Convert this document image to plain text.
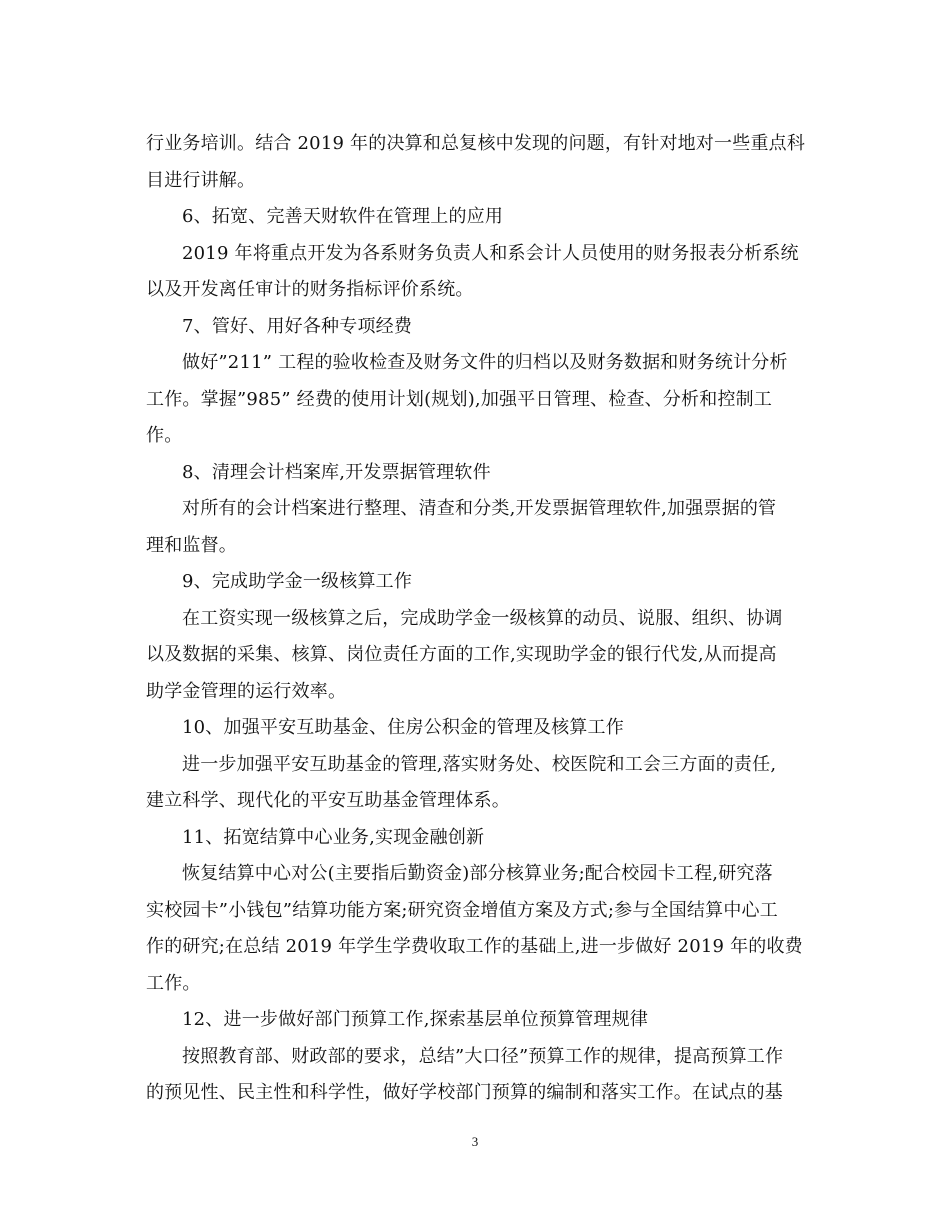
行业务培训。结合 2019 年的决算和总复核中发现的问题，有针对地对一些重点科
目进行讲解。
6、拓宽、完善天财软件在管理上的应用
2019 年将重点开发为各系财务负责人和系会计人员使用的财务报表分析系统
以及开发离任审计的财务指标评价系统。
7、管好、用好各种专项经费
做好”211” 工程的验收检查及财务文件的归档以及财务数据和财务统计分析
工作。掌握”985” 经费的使用计划(规划),加强平日管理、检查、分析和控制工
作。
8、清理会计档案库,开发票据管理软件
对所有的会计档案进行整理、清查和分类,开发票据管理软件,加强票据的管
理和监督。
9、完成助学金一级核算工作
在工资实现一级核算之后，完成助学金一级核算的动员、说服、组织、协调
以及数据的采集、核算、岗位责任方面的工作,实现助学金的银行代发,从而提高
助学金管理的运行效率。
10、加强平安互助基金、住房公积金的管理及核算工作
进一步加强平安互助基金的管理,落实财务处、校医院和工会三方面的责任,
建立科学、现代化的平安互助基金管理体系。
11、拓宽结算中心业务,实现金融创新
恢复结算中心对公(主要指后勤资金)部分核算业务;配合校园卡工程,研究落
实校园卡”小钱包”结算功能方案;研究资金增值方案及方式;参与全国结算中心工
作的研究;在总结 2019 年学生学费收取工作的基础上,进一步做好 2019 年的收费
工作。
12、进一步做好部门预算工作,探索基层单位预算管理规律
按照教育部、财政部的要求，总结”大口径”预算工作的规律，提高预算工作
的预见性、民主性和科学性，做好学校部门预算的编制和落实工作。在试点的基
3
